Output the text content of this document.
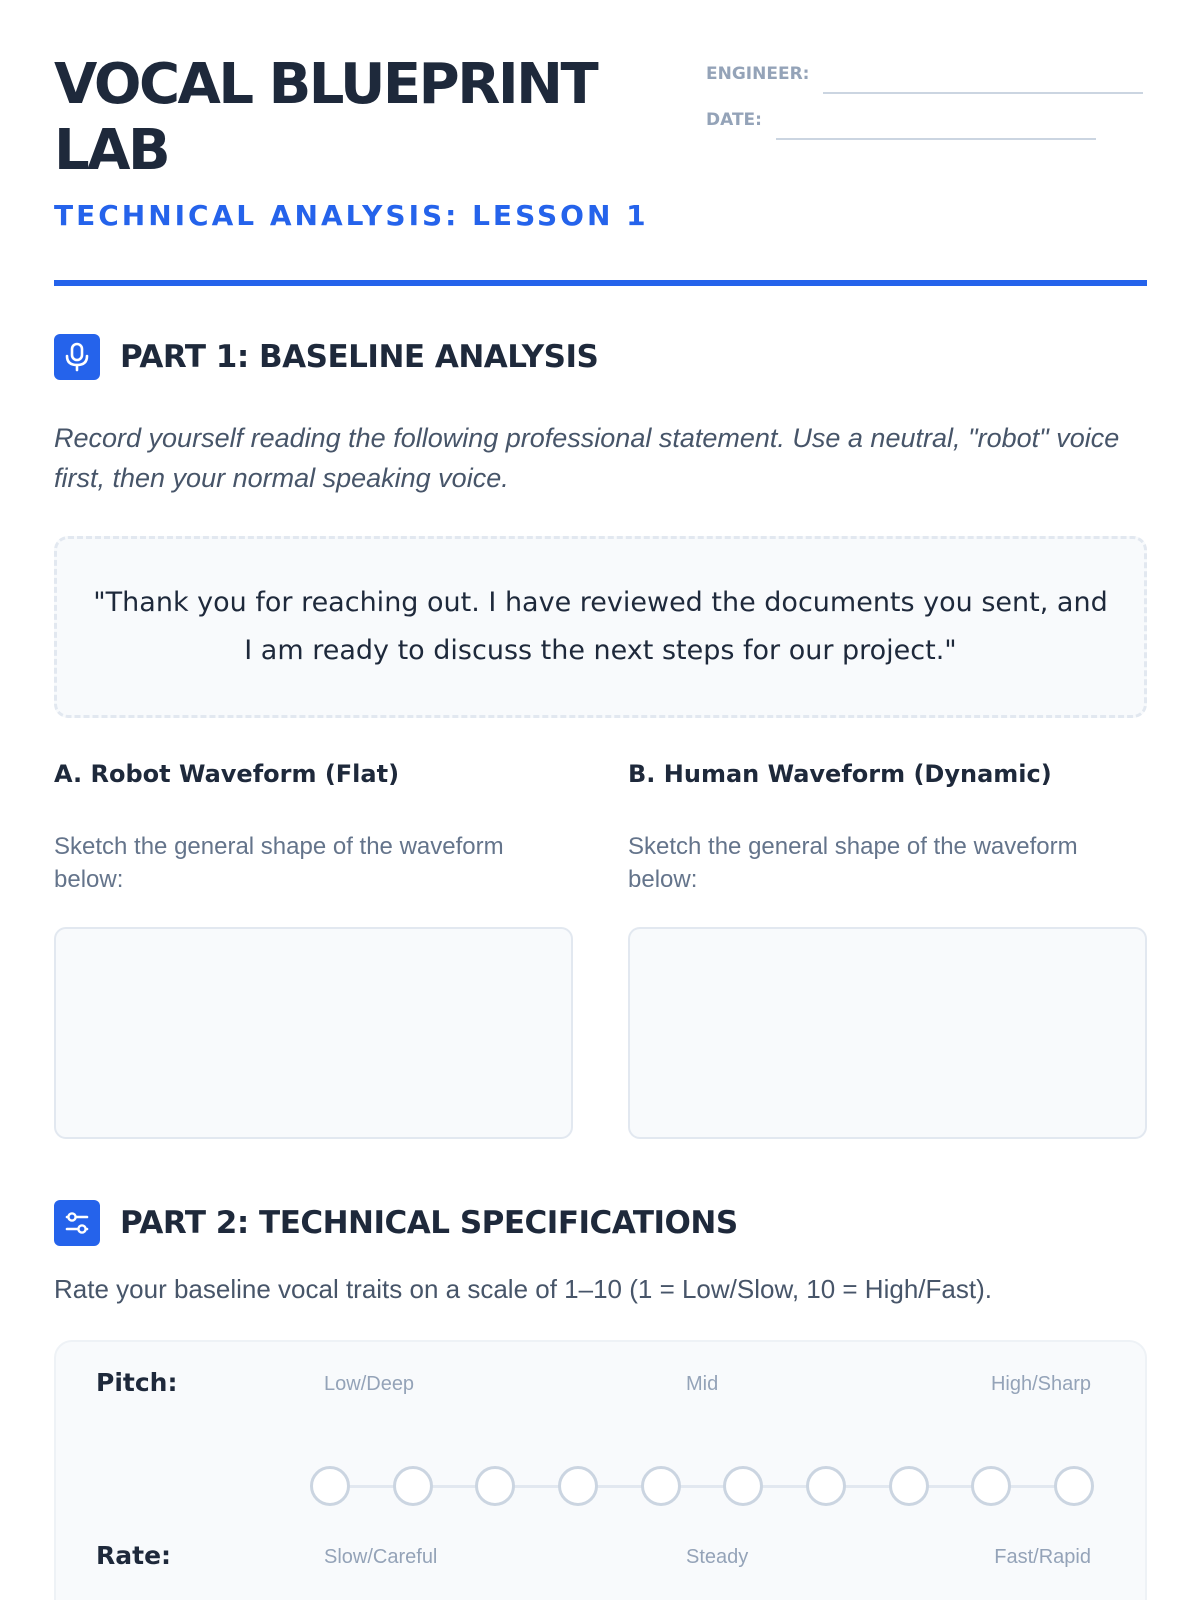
VOCAL BLUEPRINT LAB
TECHNICAL ANALYSIS: LESSON 1
ENGINEER:
DATE:
PART 1: BASELINE ANALYSIS
Record yourself reading the following professional statement. Use a neutral, "robot" voice first, then your normal speaking voice.
"Thank you for reaching out. I have reviewed the documents you sent, and I am ready to discuss the next steps for our project."
A. Robot Waveform (Flat)
Sketch the general shape of the waveform below:
B. Human Waveform (Dynamic)
Sketch the general shape of the waveform below:
PART 2: TECHNICAL SPECIFICATIONS
Rate your baseline vocal traits on a scale of 1–10 (1 = Low/Slow, 10 = High/Fast).
Pitch:	Low/Deep	Mid	High/Sharp
Rate:	Slow/Careful	Steady	Fast/Rapid
